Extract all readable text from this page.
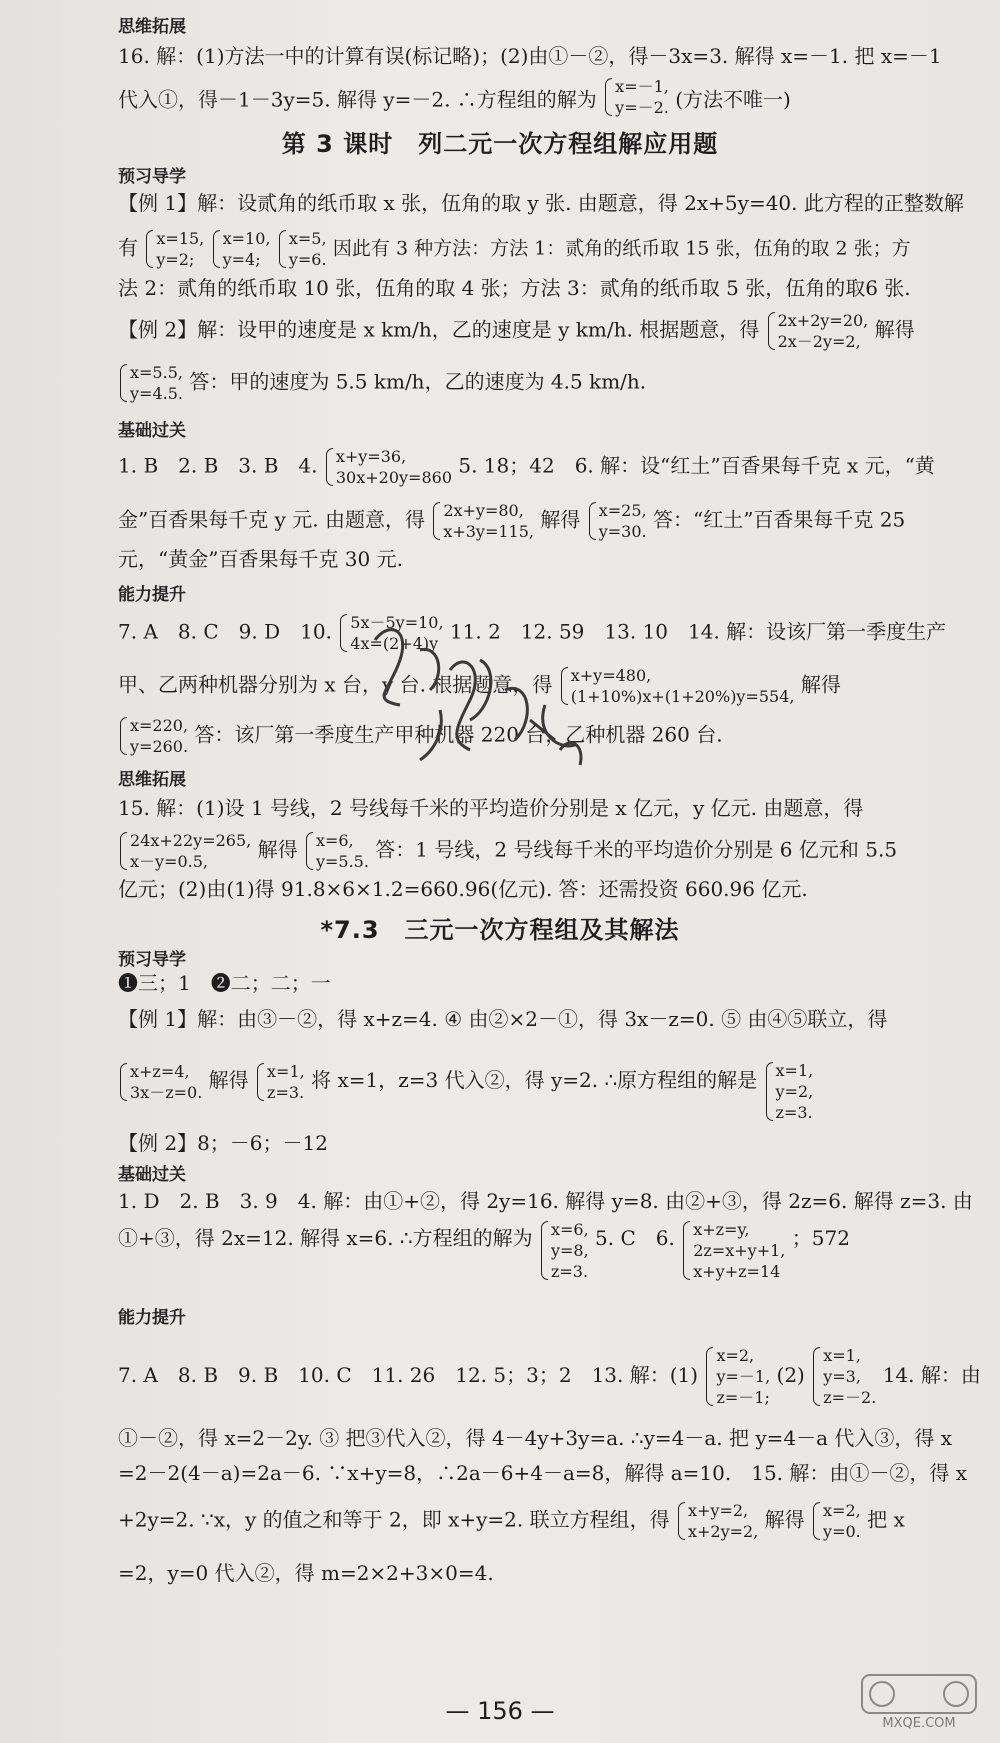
思维拓展
16. 解：(1)方法一中的计算有误(标记略)；(2)由①－②，得－3x=3. 解得 x=－1. 把 x=－1
代入①，得－1－3y=5. 解得 y=－2. ∴方程组的解为
x=－1,
y=－2. (方法不唯一)
第 3 课时　列二元一次方程组解应用题
预习导学
【例 1】解：设贰角的纸币取 x 张，伍角的取 y 张. 由题意，得 2x+5y=40. 此方程的正整数解
有 x=15,
y=2;

x=10,
y=4;

x=5,
y=6. 因此有 3 种方法：方法 1：贰角的纸币取 15 张，伍角的取 2 张；方
法 2：贰角的纸币取 10 张，伍角的取 4 张；方法 3：贰角的纸币取 5 张，伍角的取6 张.
【例 2】解：设甲的速度是 x km/h，乙的速度是 y km/h. 根据题意，得 2x+2y=20,
2x－2y=2, 解得
x=5.5,
y=4.5. 答：甲的速度为 5.5 km/h，乙的速度为 4.5 km/h.
基础过关
1. B　2. B　3. B　4. x+y=36,
30x+20y=860 5. 18；42　6. 解：设“红土”百香果每千克 x 元，“黄
金”百香果每千克 y 元. 由题意，得 2x+y=80,
x+3y=115, 解得 x=25,
y=30. 答：“红土”百香果每千克 25
元，“黄金”百香果每千克 30 元.
能力提升
7. A　8. C　9. D　10. 5x－5y=10,
4x=(2+4)y 11. 2　12. 59　13. 10　14. 解：设该厂第一季度生产
甲、乙两种机器分别为 x 台，y 台. 根据题意，得 x+y=480,
(1+10%)x+(1+20%)y=554, 解得
x=220,
y=260. 答：该厂第一季度生产甲种机器 220 台，乙种机器 260 台.
思维拓展
15. 解：(1)设 1 号线，2 号线每千米的平均造价分别是 x 亿元，y 亿元. 由题意，得
24x+22y=265,
x－y=0.5,	解得 x=6,
y=5.5. 答：1 号线，2 号线每千米的平均造价分别是 6 亿元和 5.5
亿元；(2)由(1)得 91.8×6×1.2=660.96(亿元). 答：还需投资 660.96 亿元.
*7.3　三元一次方程组及其解法
预习导学
❶三；1　❷二；二；一
【例 1】解：由③－②，得 x+z=4. ④ 由②×2－①，得 3x－z=0. ⑤ 由④⑤联立，得
x+z=4,
3x－z=0. 解得 x=1,
z=3. 将 x=1，z=3 代入②，得 y=2. ∴原方程组的解是 x=1,
y=2,
z=3.
【例 2】8；－6；－12
基础过关
1. D　2. B　3. 9　4. 解：由①+②，得 2y=16. 解得 y=8. 由②+③，得 2z=6. 解得 z=3. 由
①+③，得 2x=12. 解得 x=6. ∴方程组的解为 x=6,
y=8,
z=3.
5. C　6. x+z=y,
2z=x+y+1,
x+y+z=14
；572
能力提升
7. A　8. B　9. B　10. C　11. 26　12. 5；3；2　13. 解：(1)
x=2,
y=－1,
z=－1;
(2)
x=1,
y=3,
z=－2.
14. 解：由
①－②，得 x=2－2y. ③ 把③代入②，得 4－4y+3y=a. ∴y=4－a. 把 y=4－a 代入③，得 x
=2－2(4－a)=2a－6. ∵x+y=8，∴2a－6+4－a=8，解得 a=10.　15. 解：由①－②，得 x
+2y=2. ∵x，y 的值之和等于 2，即 x+y=2. 联立方程组，得 x+y=2,
x+2y=2, 解得 x=2,
y=0. 把 x
=2，y=0 代入②，得 m=2×2+3×0=4.
— 156 —	MXQE.COM
